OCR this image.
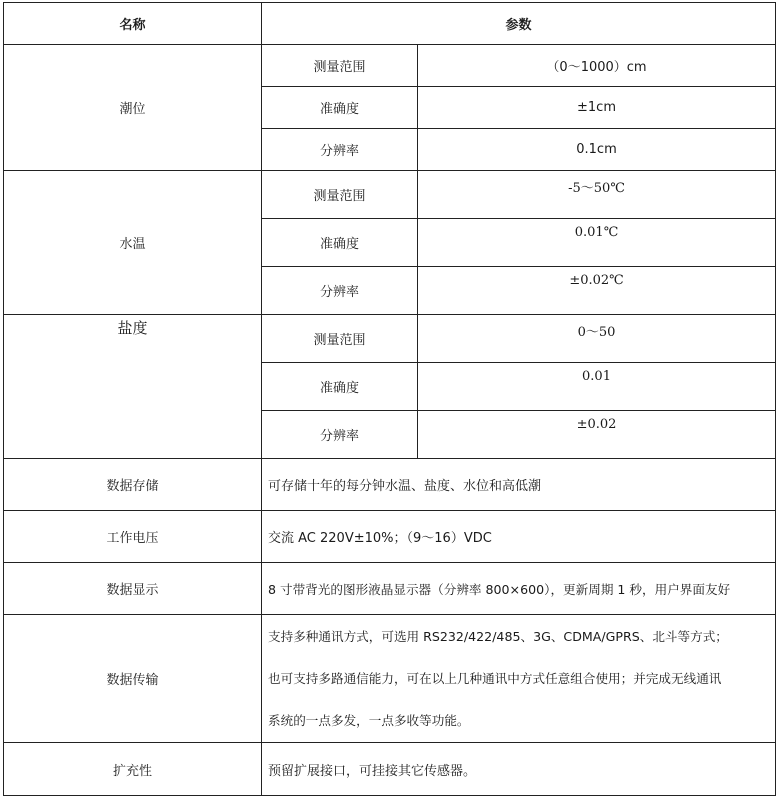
名称	参数	
潮位	测量范围	（0～1000）cm
	准确度	±1cm
	分辨率	0.1cm
水温	测量范围	-5～50℃
	准确度	0.01℃
	分辨率	±0.02℃
盐度	测量范围	0～50
	准确度	0.01
	分辨率	±0.02
数据存储	可存储十年的每分钟水温、盐度、水位和高低潮	
工作电压	交流 AC 220V±10%；（9～16）VDC	
数据显示	8 寸带背光的图形液晶显示器（分辨率 800×600），更新周期 1 秒，用户界面友好	
数据传输	支持多种通讯方式，可选用 RS232/422/485、3G、CDMA/GPRS、北斗等方式；
也可支持多路通信能力，可在以上几种通讯中方式任意组合使用；并完成无线通讯
系统的一点多发，一点多收等功能。	

扩充性	预留扩展接口，可挂接其它传感器。	
